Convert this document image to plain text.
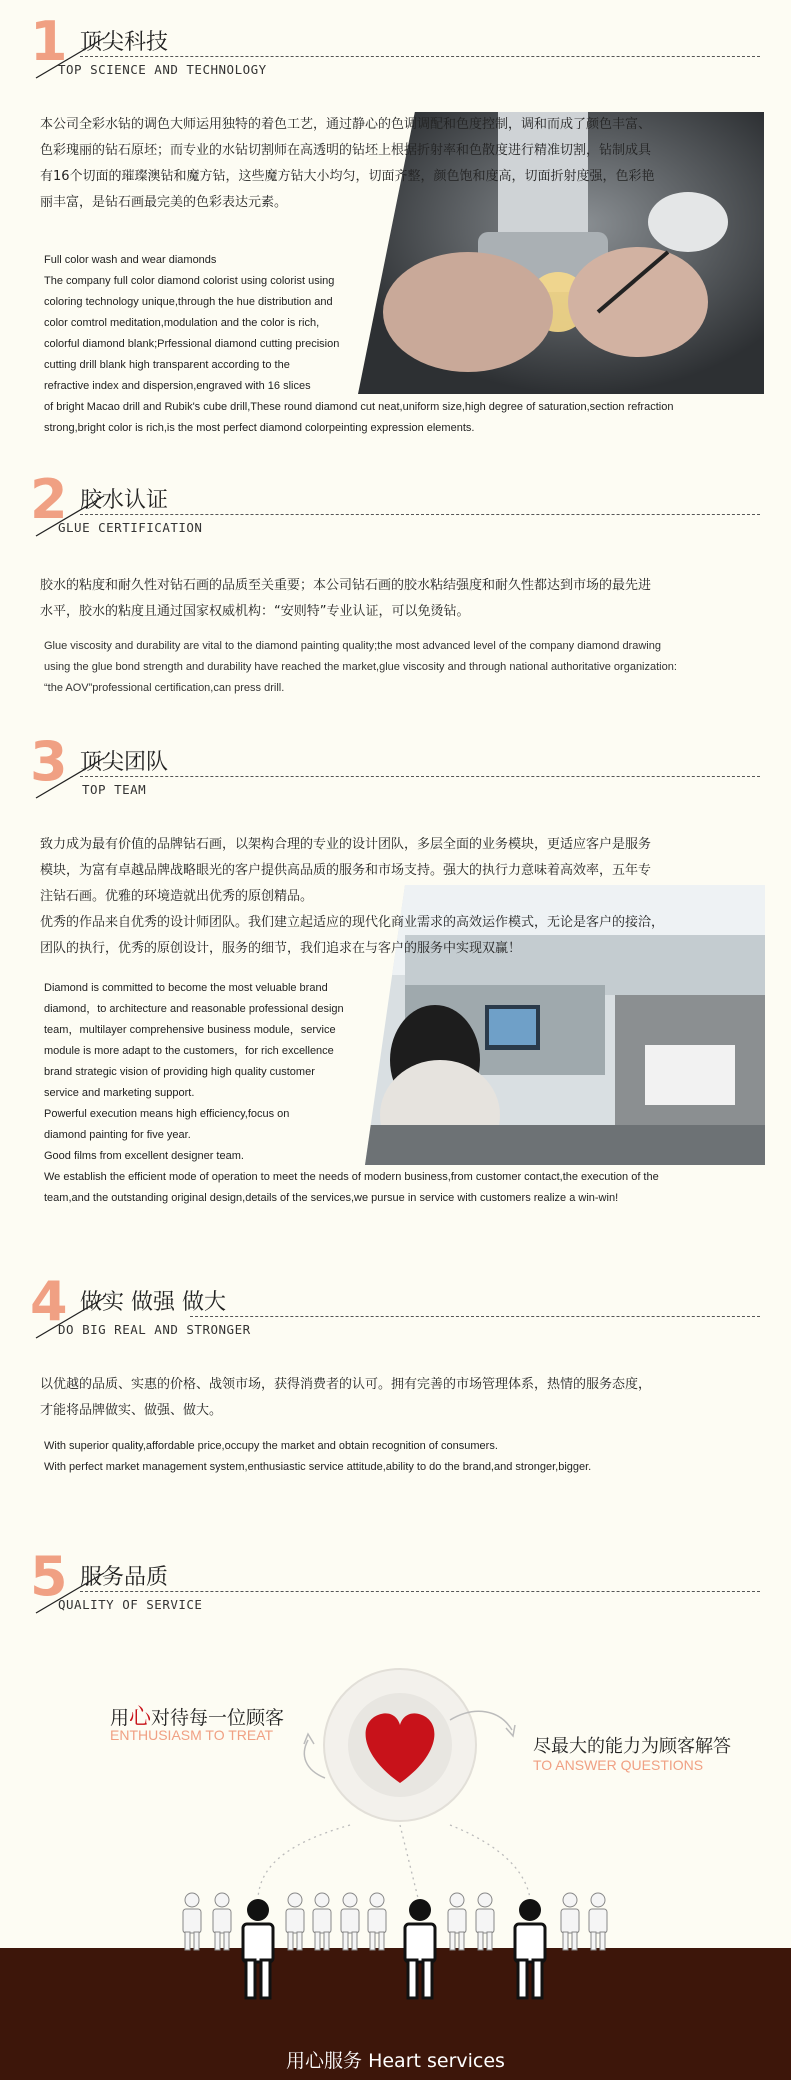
1 顶尖科技
TOP SCIENCE AND TECHNOLOGY
本公司全彩水钻的调色大师运用独特的着色工艺，通过静心的色调调配和色度控制，调和而成了颜色丰富、
色彩瑰丽的钻石原坯；而专业的水钻切割师在高透明的钻坯上根据折射率和色散度进行精准切割，钻制成具
有16个切面的璀璨澳钻和魔方钻，这些魔方钻大小均匀，切面齐整，颜色饱和度高，切面折射度强，色彩艳
丽丰富，是钻石画最完美的色彩表达元素。
Full color wash and wear diamonds
The company full color diamond colorist using colorist using
coloring technology unique,through the hue distribution and
color comtrol meditation,modulation and the color is rich,
colorful diamond blank;Prfessional diamond cutting precision
cutting drill blank high transparent according to the
refractive index and dispersion,engraved with 16 slices
of bright Macao drill and Rubik's cube drill,These round diamond cut neat,uniform size,high degree of saturation,section refraction
strong,bright color is rich,is the most perfect diamond colorpeinting expression elements.
2 胶水认证
GLUE CERTIFICATION
胶水的粘度和耐久性对钻石画的品质至关重要；本公司钻石画的胶水粘结强度和耐久性都达到市场的最先进
水平，胶水的粘度且通过国家权威机构：“安则特”专业认证，可以免烫钻。
Glue viscosity and durability are vital to the diamond painting quality;the most advanced level of the company diamond drawing
using the glue bond strength and durability have reached the market,glue viscosity and through national authoritative organization:
“the AOV”professional certification,can press drill.
3 顶尖团队
TOP TEAM
致力成为最有价值的品牌钻石画，以架构合理的专业的设计团队，多层全面的业务模块，更适应客户是服务
模块，为富有卓越品牌战略眼光的客户提供高品质的服务和市场支持。强大的执行力意味着高效率，五年专
注钻石画。优雅的环境造就出优秀的原创精品。
优秀的作品来自优秀的设计师团队。我们建立起适应的现代化商业需求的高效运作模式，无论是客户的接洽，
团队的执行，优秀的原创设计，服务的细节，我们追求在与客户的服务中实现双赢！
Diamond is committed to become the most veluable brand
diamond，to architecture and reasonable professional design
team，multilayer comprehensive business module，service
module is more adapt to the customers，for rich excellence
brand strategic vision of providing high quality customer
service and marketing support.
Powerful execution means high efficiency,focus on
diamond painting for five year.
Good films from excellent designer team.
We establish the efficient mode of operation to meet the needs of modern business,from customer contact,the execution of the
team,and the outstanding original design,details of the services,we pursue in service with customers realize a win-win!
4 做实 做强 做大
DO BIG REAL AND STRONGER
以优越的品质、实惠的价格、战领市场，获得消费者的认可。拥有完善的市场管理体系，热情的服务态度，
才能将品牌做实、做强、做大。
With superior quality,affordable price,occupy the market and obtain recognition of consumers.
With perfect market management system,enthusiastic service attitude,ability to do the brand,and stronger,bigger.
5 服务品质
QUALITY OF SERVICE
用心对待每一位顾客
ENTHUSIASM TO TREAT
尽最大的能力为顾客解答
TO ANSWER QUESTIONS
用心服务 Heart services
